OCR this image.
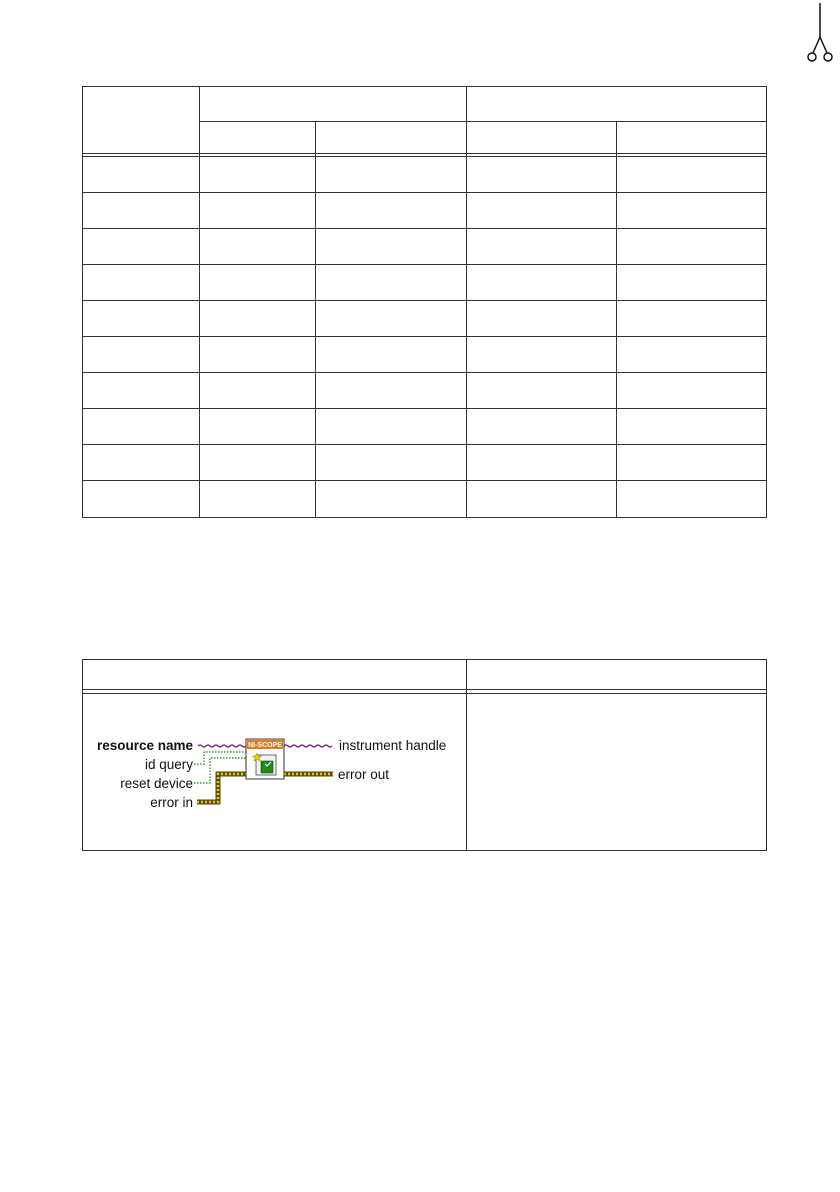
NI-SCOPE
resource name
id query
reset device
error in
instrument handle
error out
